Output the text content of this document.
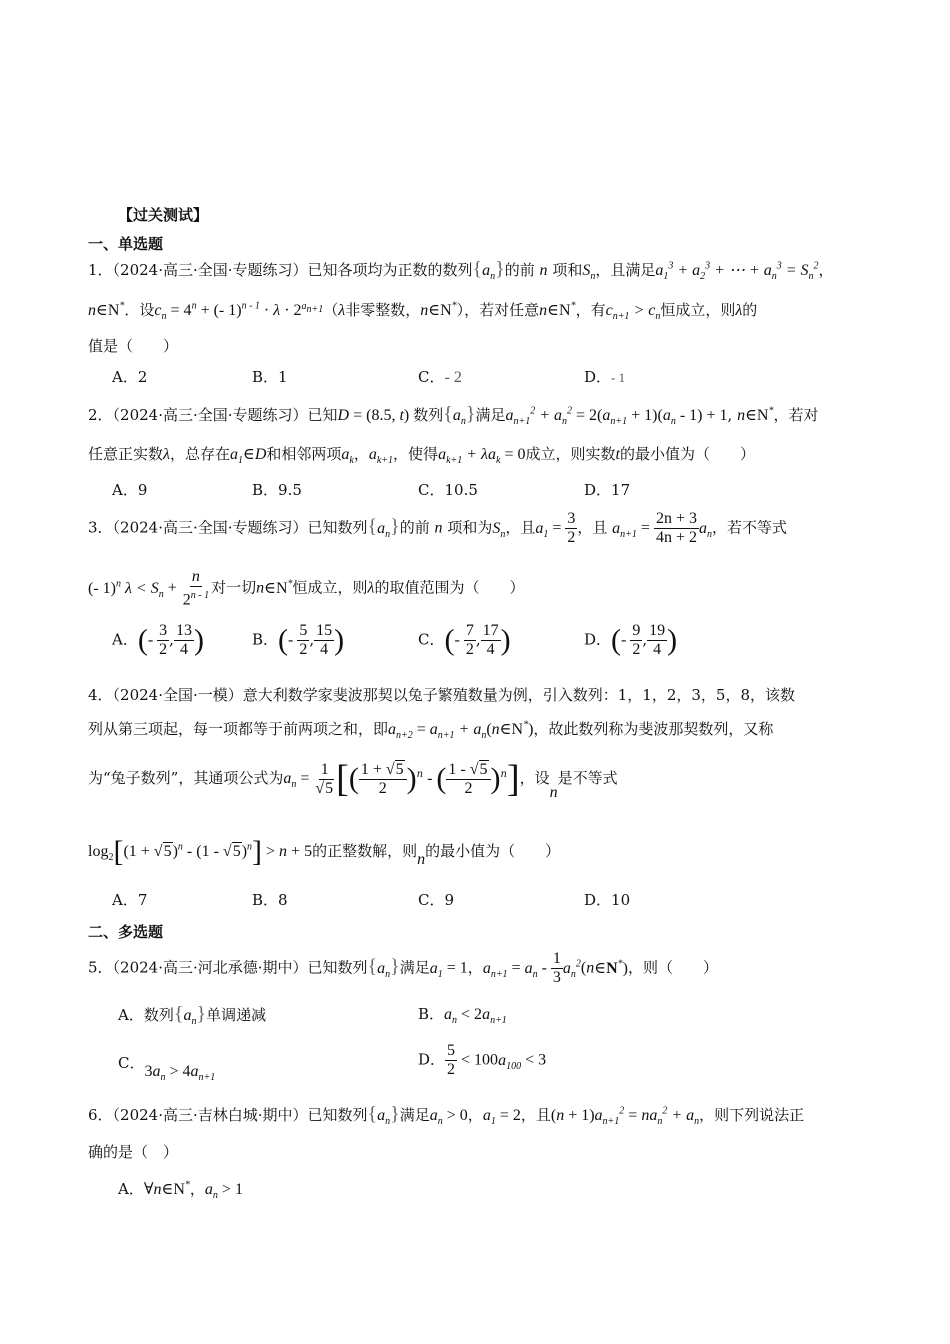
【过关测试】
一、单选题
1．（2024·高三·全国·专题练习）已知各项均为正数的数列$\{a_n\}$的前 n 项和$S_n$，且满足$a_1^3 + a_2^3$ + ⋯ + $a_n^3 = S_n^2$，
n∈N*．设$c_n = 4^n$ + (- $1)^{n - 1} \cdot \lambda \cdot 2^{a_{n+1}}(\lambda$非零整数，n∈N*），若对任意n∈N*，有$c_{n+1} > c_n$恒成立，则λ的
值是（　　）
A．2	B．1	C．- 2	D．- 1
2．（2024·高三·全国·专题练习）已知D = (8.5, t) 数列$\{a_n\}$满足$a_{n+1}^2 + a_n^2 = 2(a_{n+1} + 1)(a_n - 1) + 1$, n∈N*，若对
任意正实数λ，总存在$a_1\in D$和相邻两项$a_k$，$a_{k+1}$，使得$a_{k+1} + \lambda a_k = 0$成立，则实数t的最小值为（　　）
A．9	B．9.5	C．10.5	D．17
3．（2024·高三·全国·专题练习）已知数列$\{a_n\}$的前 n 项和为$S_n$，且$a_1 = \frac{3}{2}$ ，且 $a_{n+1} = \frac{2n + 3}{4n + 2} a_n$，若不等式
(- 1)$^n$ $\lambda < S_n + \frac{n}{2^{n - 1}}$ 对一切n∈N*恒成立，则λ的取值范围为（　　）
A．(- $\frac{3}{2}$ , $\frac{13}{4}$ )	B．(- $\frac{5}{2}$ , $\frac{15}{4}$ )	C．(- $\frac{7}{2}$ , $\frac{17}{4}$ )	D．(- $\frac{9}{2}$ , $\frac{19}{4}$ )
4．（2024·全国·一模）意大利数学家斐波那契以兔子繁殖数量为例，引入数列：1，1，2，3，5，8，该数
列从第三项起，每一项都等于前两项之和，即$a_{n+2} = a_{n+1}$ + $a_n(n\in N^*)$，故此数列称为斐波那契数列，又称
为“兔子数列”，其通项公式为$a_n = \frac{1}{√5}$ [( $\frac{1 + √5}{2} )^n$ - ( $\frac{1 - √5}{2} )^n$]，设n是不等式
$\log_2[(1 + √5)^n - (1 - √5)^n] > n + 5$的正整数解，则n的最小值为（　　）
A．7	B．8	C．9	D．10
二、多选题
5．（2024·高三·河北承德·期中）已知数列$\{a_n\}$满足$a_1 = 1$，$a_{n+1} = a_n - \frac{1}{3}$ $a_n^2(n\in N^*)$，则（　　）
A．数列$\{a_n\}$单调递减	B．$a_n < 2a_{n+1}$
C．$3a_n > 4a_{n+1}$
D． $\frac{5}{2} < 100a_{100} < 3$
6．（2024·高三·吉林白城·期中）已知数列$\{a_n\}$满足$a_n > 0$，$a_1 = 2$，且$(n + 1)a_{n+1}^2 = na_n^2 + a_n$，则下列说法正
确的是（　）
A．∀n∈N*，$a_n > 1$
